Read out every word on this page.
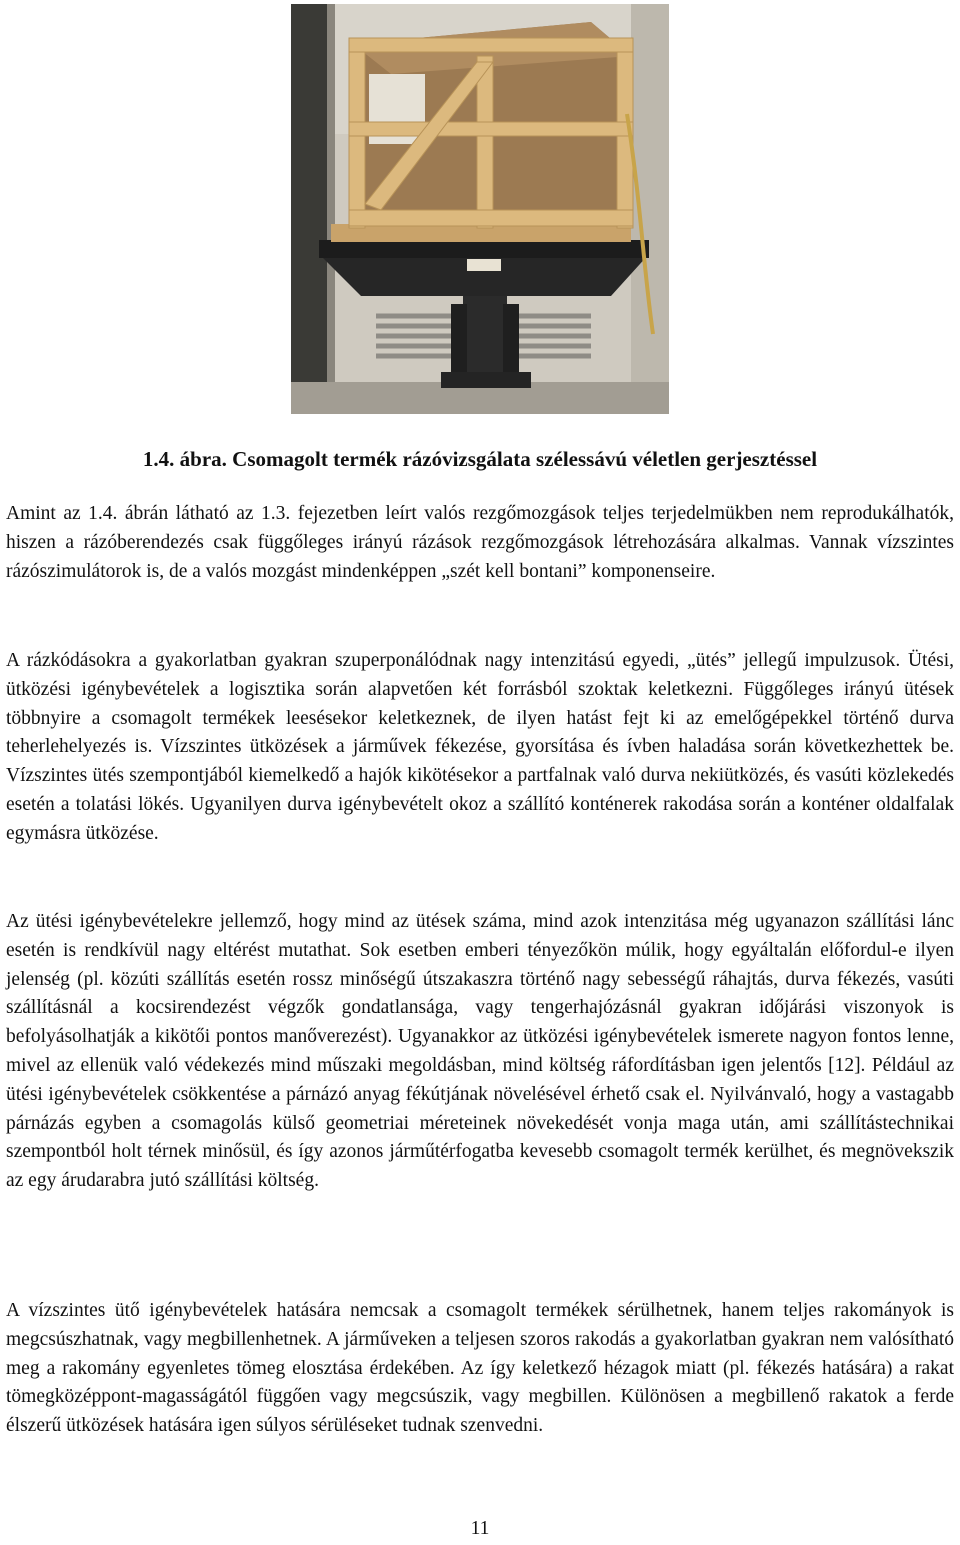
1.4. ábra. Csomagolt termék rázóvizsgálata szélessávú véletlen gerjesztéssel

Amint az 1.4. ábrán látható az 1.3. fejezetben leírt valós rezgőmozgások teljes terjedelmükben nem reprodukálhatók, hiszen a rázóberendezés csak függőleges irányú rázások rezgőmozgások létrehozására alkalmas. Vannak vízszintes rázószimulátorok is, de a valós mozgást mindenképpen „szét kell bontani” komponenseire.

A rázkódásokra a gyakorlatban gyakran szuperponálódnak nagy intenzitású egyedi, „ütés” jellegű impulzusok. Ütési, ütközési igénybevételek a logisztika során alapvetően két forrásból szoktak keletkezni. Függőleges irányú ütések többnyire a csomagolt termékek leesésekor keletkeznek, de ilyen hatást fejt ki az emelőgépekkel történő durva teherlehelyezés is. Vízszintes ütközések a járművek fékezése, gyorsítása és ívben haladása során következhettek be. Vízszintes ütés szempontjából kiemelkedő a hajók kikötésekor a partfalnak való durva nekiütközés, és vasúti közlekedés esetén a tolatási lökés. Ugyanilyen durva igénybevételt okoz a szállító konténerek rakodása során a konténer oldalfalak egymásra ütközése.

Az ütési igénybevételekre jellemző, hogy mind az ütések száma, mind azok intenzitása még ugyanazon szállítási lánc esetén is rendkívül nagy eltérést mutathat. Sok esetben emberi tényezőkön múlik, hogy egyáltalán előfordul-e ilyen jelenség (pl. közúti szállítás esetén rossz minőségű útszakaszra történő nagy sebességű ráhajtás, durva fékezés, vasúti szállításnál a kocsirendezést végzők gondatlansága, vagy tengerhajózásnál gyakran időjárási viszonyok is befolyásolhatják a kikötői pontos manőverezést). Ugyanakkor az ütközési igénybevételek ismerete nagyon fontos lenne, mivel az ellenük való védekezés mind műszaki megoldásban, mind költség ráfordításban igen jelentős [12]. Például az ütési igénybevételek csökkentése a párnázó anyag fékútjának növelésével érhető csak el. Nyilvánvaló, hogy a vastagabb párnázás egyben a csomagolás külső geometriai méreteinek növekedését vonja maga után, ami szállítástechnikai szempontból holt térnek minősül, és így azonos járműtérfogatba kevesebb csomagolt termék kerülhet, és megnövekszik az egy árudarabra jutó szállítási költség.

A vízszintes ütő igénybevételek hatására nemcsak a csomagolt termékek sérülhetnek, hanem teljes rakományok is megcsúszhatnak, vagy megbillenhetnek. A járműveken a teljesen szoros rakodás a gyakorlatban gyakran nem valósítható meg a rakomány egyenletes tömeg elosztása érdekében. Az így keletkező hézagok miatt (pl. fékezés hatására) a rakat tömegközéppont-magasságától függően vagy megcsúszik, vagy megbillen. Különösen a megbillenő rakatok a ferde élszerű ütközések hatására igen súlyos sérüléseket tudnak szenvedni.

11
